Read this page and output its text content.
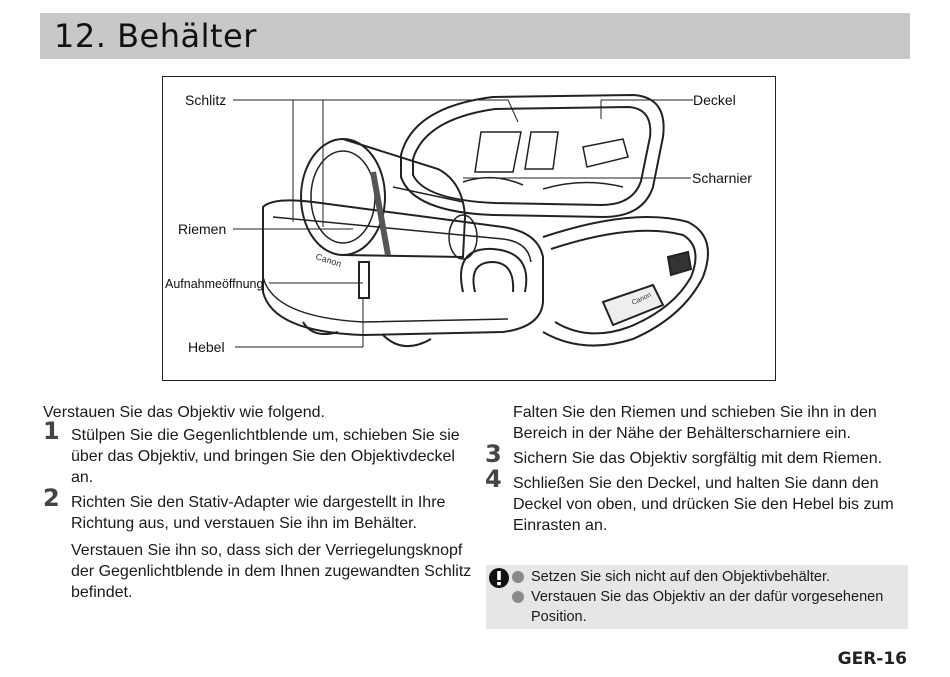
12. Behälter
Schlitz	Deckel
Scharnier
Riemen
Aufnahmeöffnung
Hebel
Canon
Canon

Verstauen Sie das Objektiv wie folgend.

1 Stülpen Sie die Gegenlichtblende um, schieben Sie sie über das Objektiv, und bringen Sie den Objektivdeckel an.
2 Richten Sie den Stativ-Adapter wie dargestellt in Ihre Richtung aus, und verstauen Sie ihn im Behälter.

Verstauen Sie ihn so, dass sich der Verriegelungsknopf der Gegenlichtblende in dem Ihnen zugewandten Schlitz befindet.

Falten Sie den Riemen und schieben Sie ihn in den Bereich in der Nähe der Behälterscharniere ein.

3 Sichern Sie das Objektiv sorgfältig mit dem Riemen.
4 Schließen Sie den Deckel, und halten Sie dann den Deckel von oben, und drücken Sie den Hebel bis zum Einrasten an.
Setzen Sie sich nicht auf den Objektivbehälter.
Verstauen Sie das Objektiv an der dafür vorgesehenen Position.
GER-16
